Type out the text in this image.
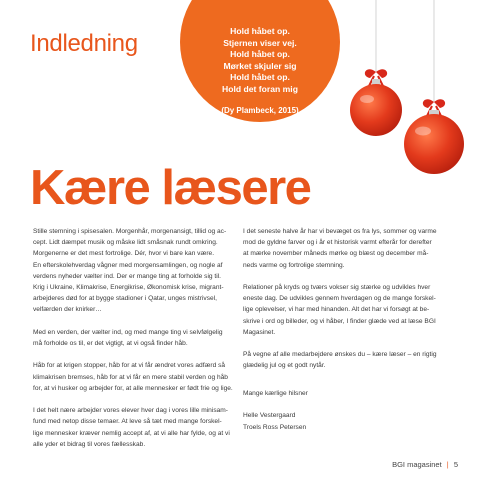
Indledning	Hold håbet op.
Stjernen viser vej.
Hold håbet op.
Mørket skjuler sig
Hold håbet op.
Hold det foran mig
(Dy Plambeck, 2015)
Kære læsere

Stille stemning i spisesalen. Morgenhår, morgenansigt, tillid og ac-
cept. Lidt dæmpet musik og måske lidt småsnak rundt omkring.
Morgenerne er det mest fortrolige. Dér, hvor vi bare kan være.
En efterskolehverdag vågner med morgensamlingen, og nogle af
verdens nyheder vælter ind. Der er mange ting at forholde sig til.
Krig i Ukraine, Klimakrise, Energikrise, Økonomisk krise, migrant-
arbejderes død for at bygge stadioner i Qatar, unges mistrivsel,
velfærden der knirker…

Med en verden, der vælter ind, og med mange ting vi selvfølgelig
må forholde os til, er det vigtigt, at vi også finder håb.

Håb for at krigen stopper, håb for at vi får ændret vores adfærd så
klimakrisen bremses, håb for at vi får en mere stabil verden og håb
for, at vi husker og arbejder for, at alle mennesker er født frie og lige.

I det helt nære arbejder vores elever hver dag i vores lille minisam-
fund med netop disse temaer. At leve så tæt med mange forskel-
lige mennesker kræver nemlig accept af, at vi alle har fylde, og at vi
alle yder et bidrag til vores fællesskab.

I det seneste halve år har vi bevæget os fra lys, sommer og varme
mod de gyldne farver og i år et historisk varmt efterår for derefter
at mærke november måneds mørke og blæst og december må-
neds varme og fortrolige stemning.

Relationer på kryds og tværs vokser sig stærke og udvikles hver
eneste dag. De udvikles gennem hverdagen og de mange forskel-
lige oplevelser, vi har med hinanden. Alt det har vi forsøgt at be-
skrive i ord og billeder, og vi håber, I finder glæde ved at læse BGI
Magasinet.

På vegne af alle medarbejdere ønskes du – kære læser – en rigtig
glædelig jul og et godt nytår.

Mange kærlige hilsner
Helle Vestergaard
Troels Ross Petersen
BGI magasinet | 5
